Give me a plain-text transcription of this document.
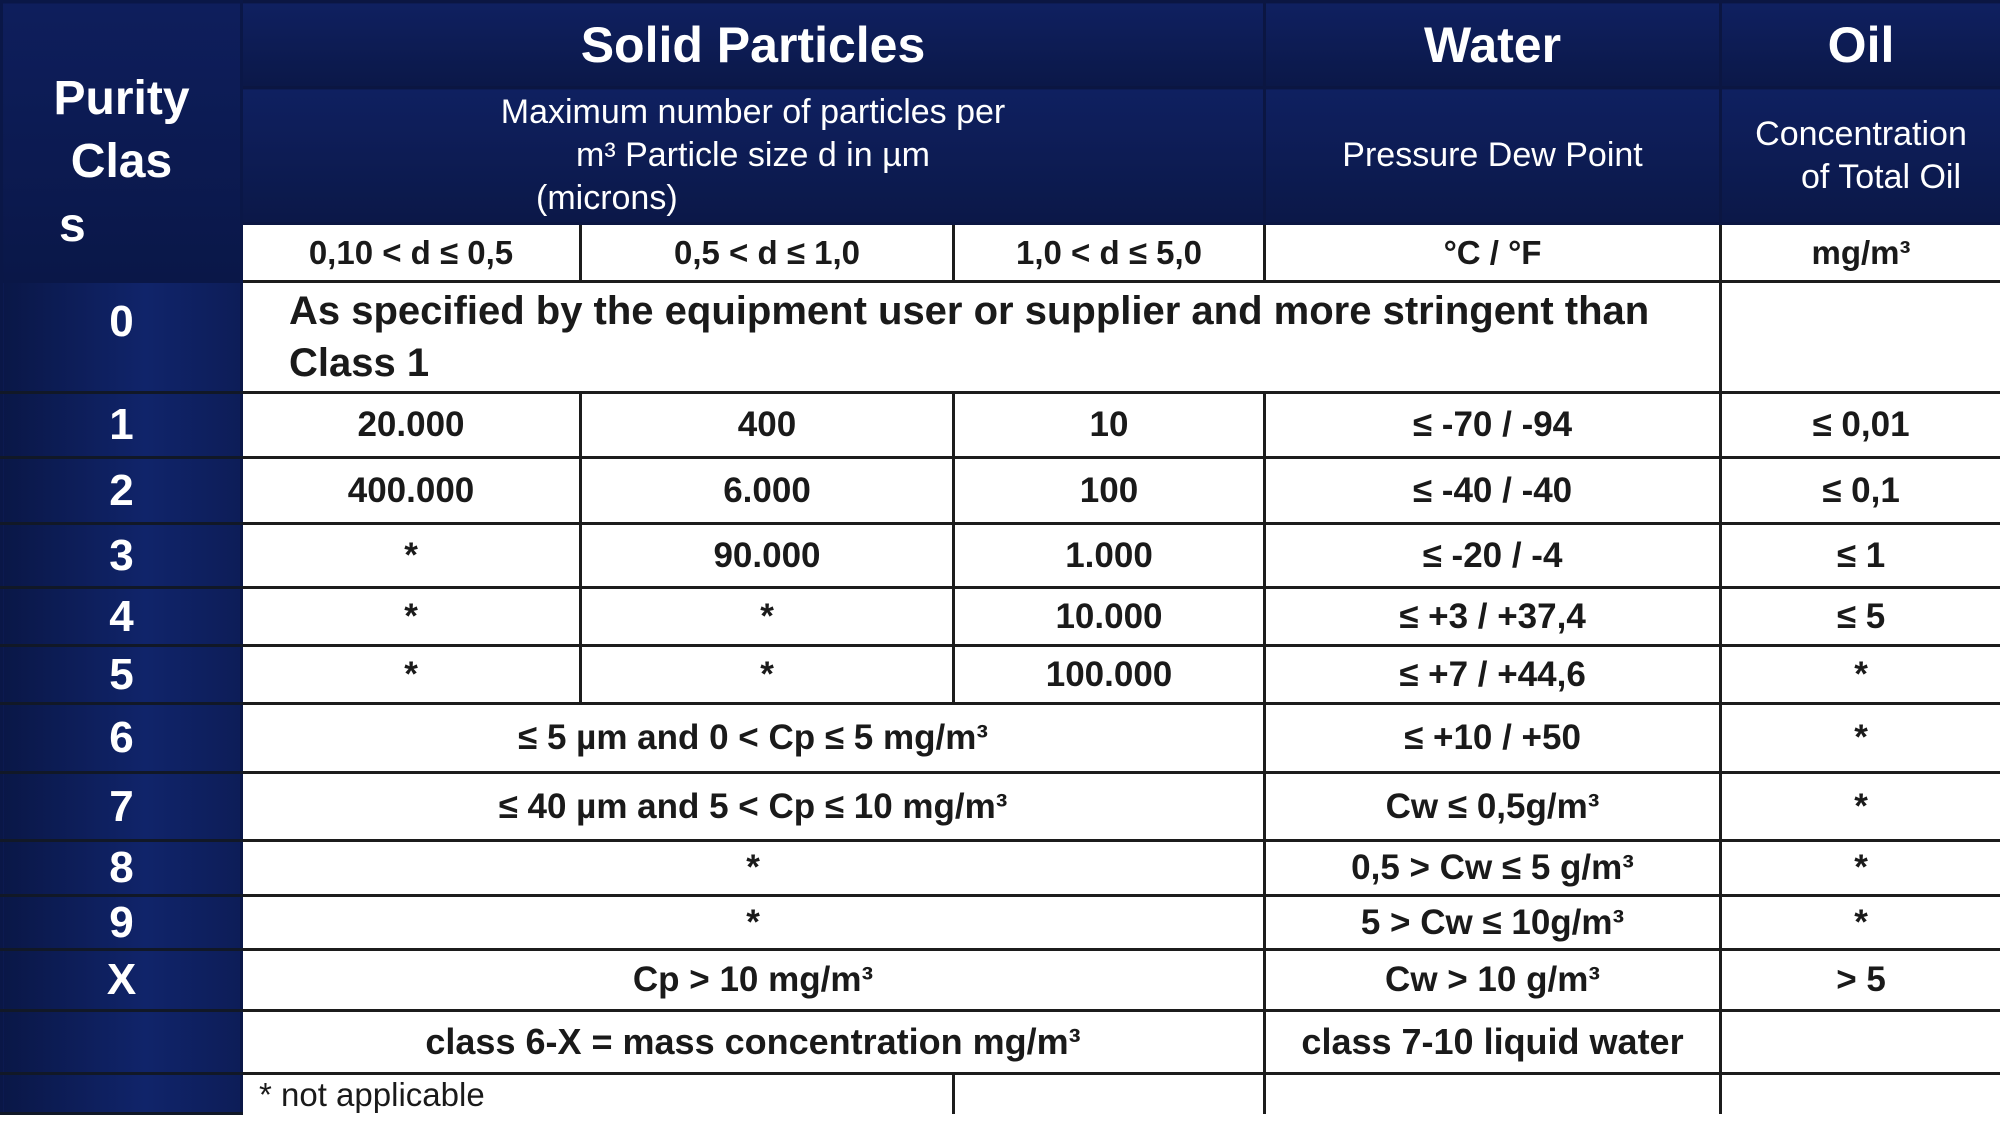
Purity
Clas
s	Solid Particles			Water	Oil

	Maximum number of particles per
m³ Particle size d in µm
(microns)			Pressure Dew Point	Concentration
of Total Oil

	0,10 < d ≤ 0,5	0,5 < d ≤ 1,0	1,0 < d ≤ 5,0	°C / °F	mg/m³
0	As specified by the equipment user or supplier and more stringent than Class 1				
1	20.000	400	10	≤ -70 / -94	≤ 0,01
2	400.000	6.000	100	≤ -40 / -40	≤ 0,1
3	*	90.000	1.000	≤ -20 / -4	≤ 1
4	*	*	10.000	≤ +3 / +37,4	≤ 5
5	*	*	100.000	≤ +7 / +44,6	*
6	≤ 5 µm and 0 < Cp ≤ 5 mg/m³			≤ +10 / +50	*
7	≤ 40 µm and 5 < Cp ≤ 10 mg/m³			Cw ≤ 0,5g/m³	*
8	*			0,5 > Cw ≤ 5 g/m³	*
9	*			5 > Cw ≤ 10g/m³	*
X	Cp > 10 mg/m³			Cw > 10 g/m³	> 5
	class 6-X = mass concentration mg/m³			class 7-10 liquid water	
	* not applicable				
